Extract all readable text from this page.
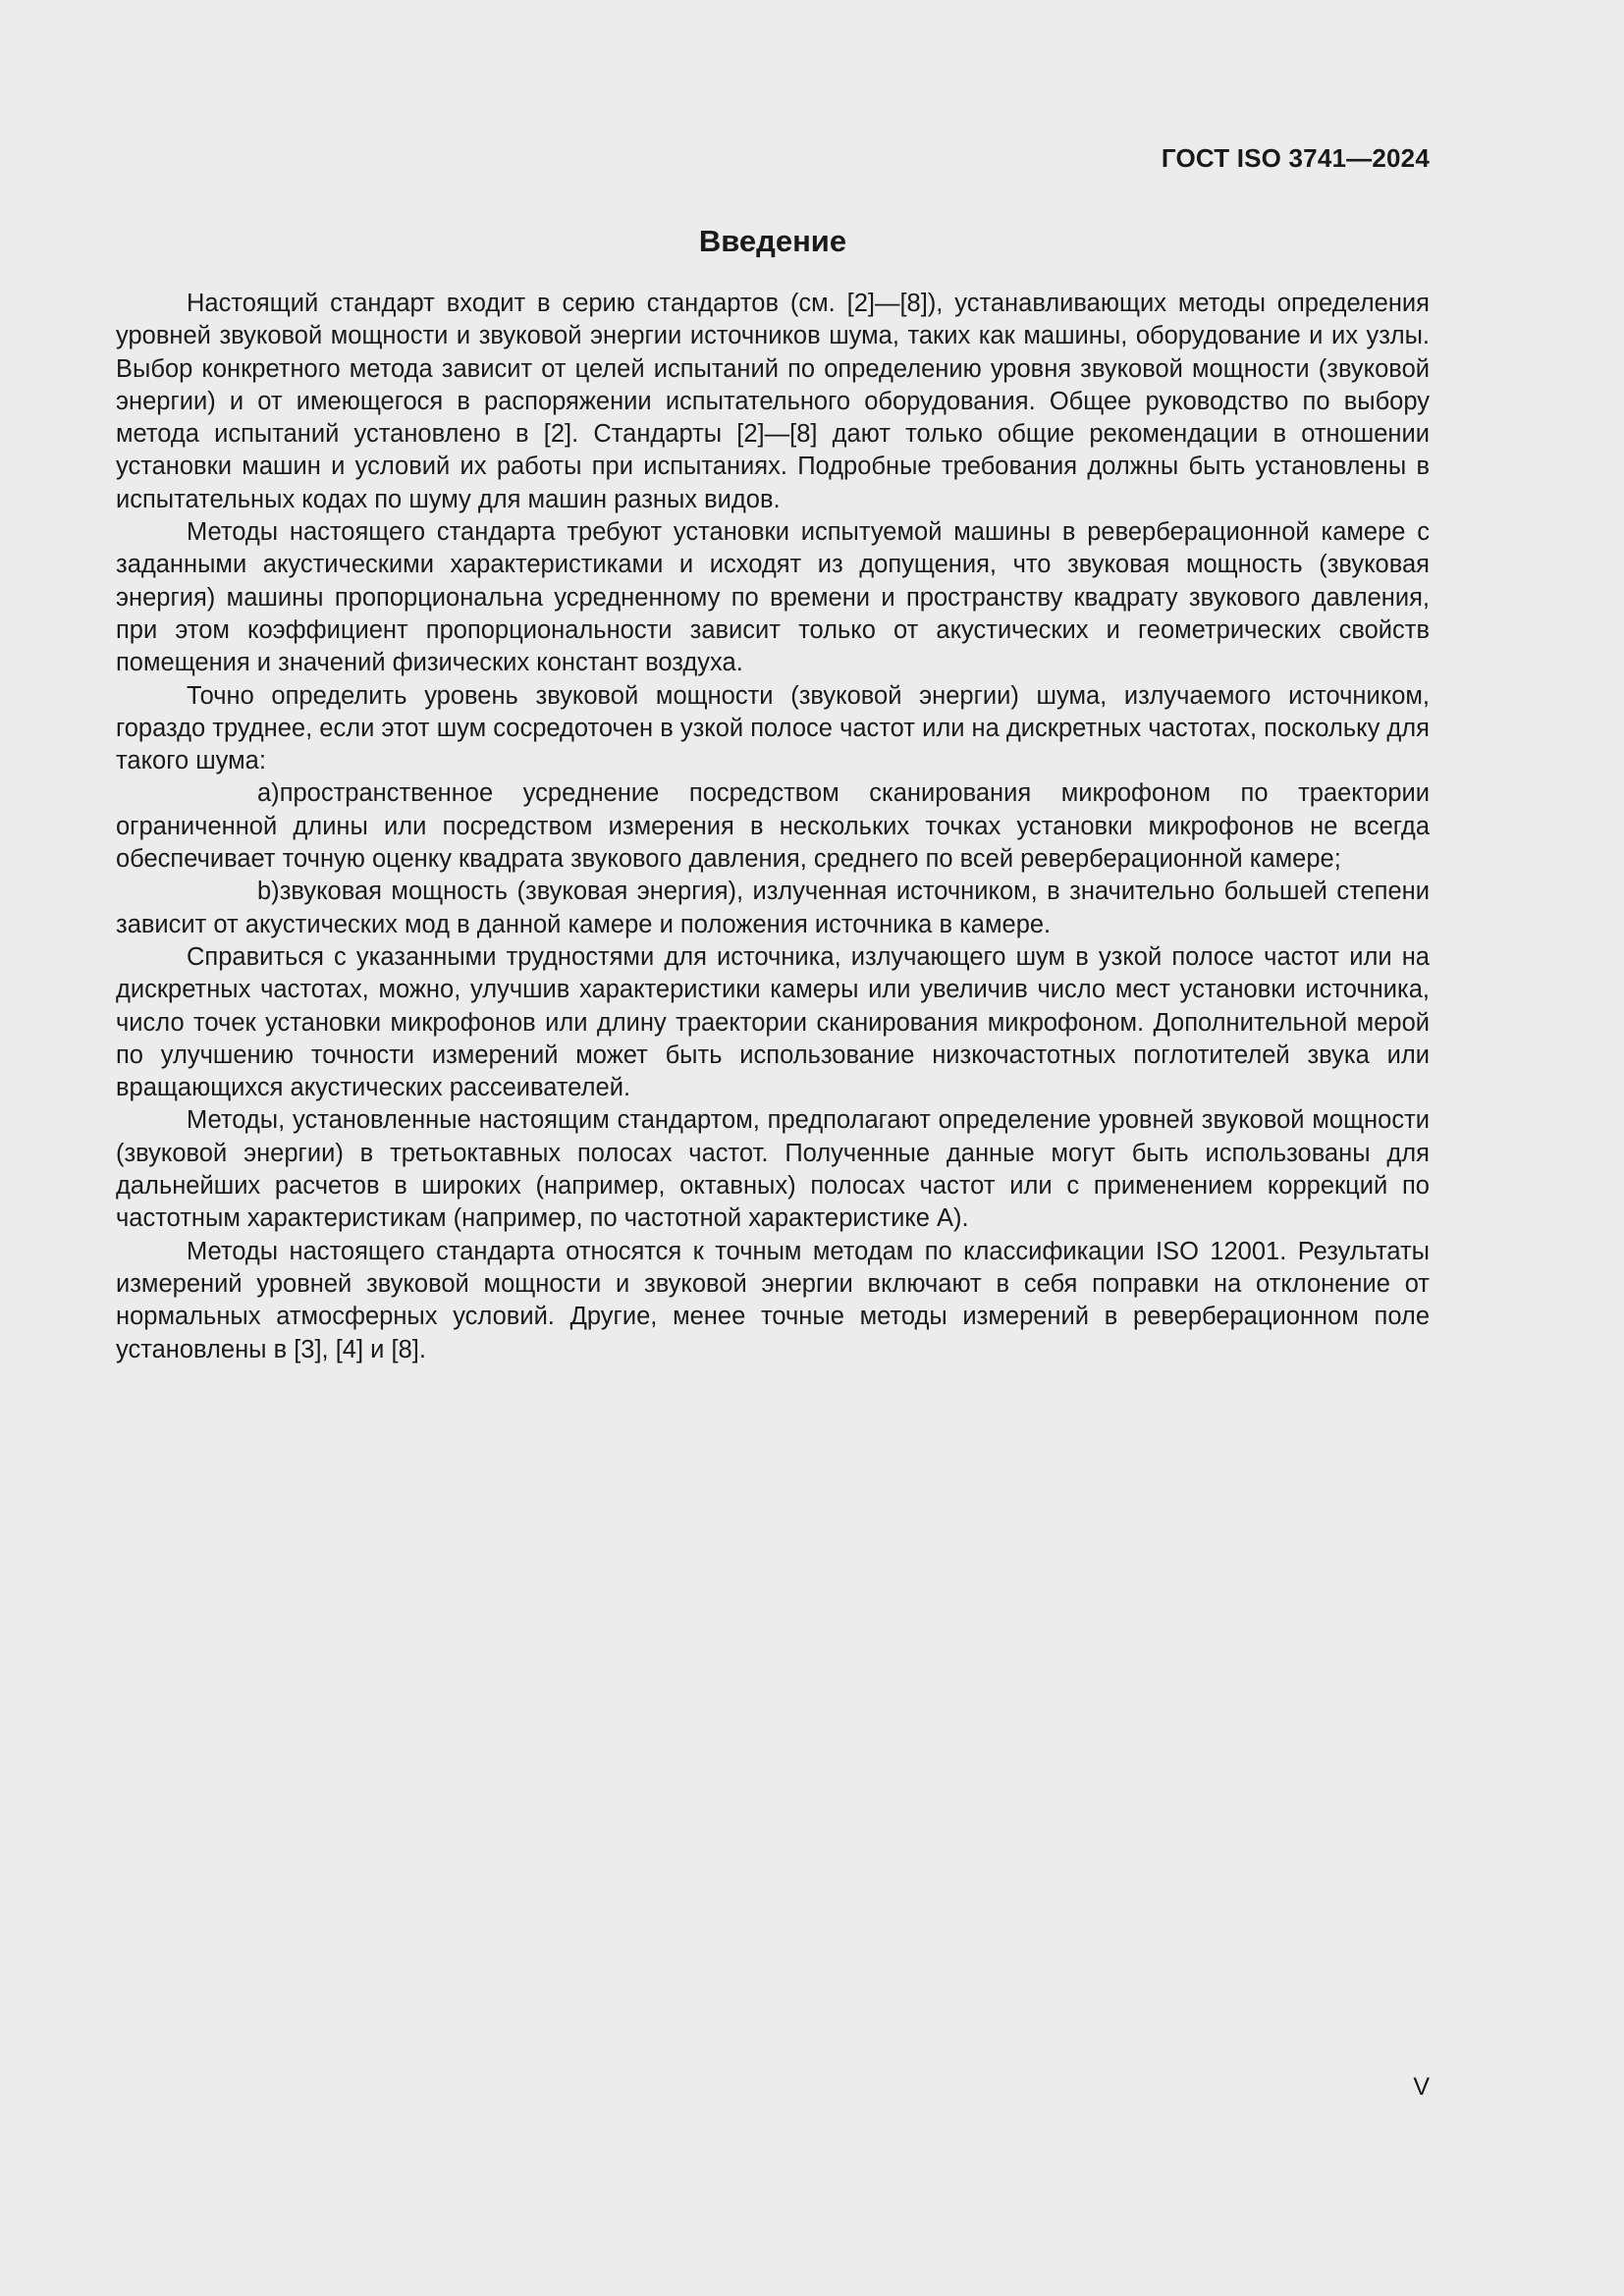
ГОСТ ISO 3741—2024
Введение

Настоящий стандарт входит в серию стандартов (см. [2]—[8]), устанавливающих методы определения уровней звуковой мощности и звуковой энергии источников шума, таких как машины, оборудование и их узлы. Выбор конкретного метода зависит от целей испытаний по определению уровня звуковой мощности (звуковой энергии) и от имеющегося в распоряжении испытательного оборудования. Общее руководство по выбору метода испытаний установлено в [2]. Стандарты [2]—[8] дают только общие рекомендации в отношении установки машин и условий их работы при испытаниях. Подробные требования должны быть установлены в испытательных кодах по шуму для машин разных видов.

Методы настоящего стандарта требуют установки испытуемой машины в реверберационной камере с заданными акустическими характеристиками и исходят из допущения, что звуковая мощность (звуковая энергия) машины пропорциональна усредненному по времени и пространству квадрату звукового давления, при этом коэффициент пропорциональности зависит только от акустических и геометрических свойств помещения и значений физических констант воздуха.

Точно определить уровень звуковой мощности (звуковой энергии) шума, излучаемого источником, гораздо труднее, если этот шум сосредоточен в узкой полосе частот или на дискретных частотах, поскольку для такого шума:

a)пространственное усреднение посредством сканирования микрофоном по траектории ограниченной длины или посредством измерения в нескольких точках установки микрофонов не всегда обеспечивает точную оценку квадрата звукового давления, среднего по всей реверберационной камере;

b)звуковая мощность (звуковая энергия), излученная источником, в значительно большей степени зависит от акустических мод в данной камере и положения источника в камере.

Справиться с указанными трудностями для источника, излучающего шум в узкой полосе частот или на дискретных частотах, можно, улучшив характеристики камеры или увеличив число мест установки источника, число точек установки микрофонов или длину траектории сканирования микрофоном. Дополнительной мерой по улучшению точности измерений может быть использование низкочастотных поглотителей звука или вращающихся акустических рассеивателей.

Методы, установленные настоящим стандартом, предполагают определение уровней звуковой мощности (звуковой энергии) в третьоктавных полосах частот. Полученные данные могут быть использованы для дальнейших расчетов в широких (например, октавных) полосах частот или с применением коррекций по частотным характеристикам (например, по частотной характеристике А).

Методы настоящего стандарта относятся к точным методам по классификации ISO 12001. Результаты измерений уровней звуковой мощности и звуковой энергии включают в себя поправки на отклонение от нормальных атмосферных условий. Другие, менее точные методы измерений в реверберационном поле установлены в [3], [4] и [8].

V
